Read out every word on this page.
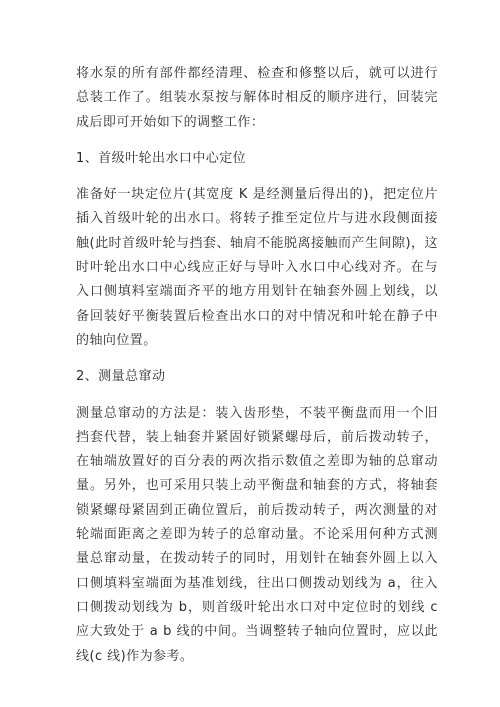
将水泵的所有部件都经清理、检查和修整以后，就可以进行总装工作了。组装水泵按与解体时相反的顺序进行，回装完成后即可开始如下的调整工作：

1、首级叶轮出水口中心定位

准备好一块定位片(其宽度 K 是经测量后得出的)，把定位片插入首级叶轮的出水口。将转子推至定位片与进水段侧面接触(此时首级叶轮与挡套、轴肩不能脱离接触而产生间隙)，这时叶轮出水口中心线应正好与导叶入水口中心线对齐。在与入口侧填料室端面齐平的地方用划针在轴套外圆上划线，以备回装好平衡装置后检查出水口的对中情况和叶轮在静子中的轴向位置。

2、测量总窜动

测量总窜动的方法是：装入齿形垫，不装平衡盘而用一个旧挡套代替，装上轴套并紧固好锁紧螺母后，前后拨动转子，在轴端放置好的百分表的两次指示数值之差即为轴的总窜动量。另外，也可采用只装上动平衡盘和轴套的方式，将轴套锁紧螺母紧固到正确位置后，前后拨动转子，两次测量的对轮端面距离之差即为转子的总窜动量。不论采用何种方式测量总窜动量，在拨动转子的同时，用划针在轴套外圆上以入口侧填料室端面为基准划线，往出口侧拨动划线为 a，往入口侧拨动划线为 b，则首级叶轮出水口对中定位时的划线 c 应大致处于 a b 线的中间。当调整转子轴向位置时，应以此线(c 线)作为参考。
